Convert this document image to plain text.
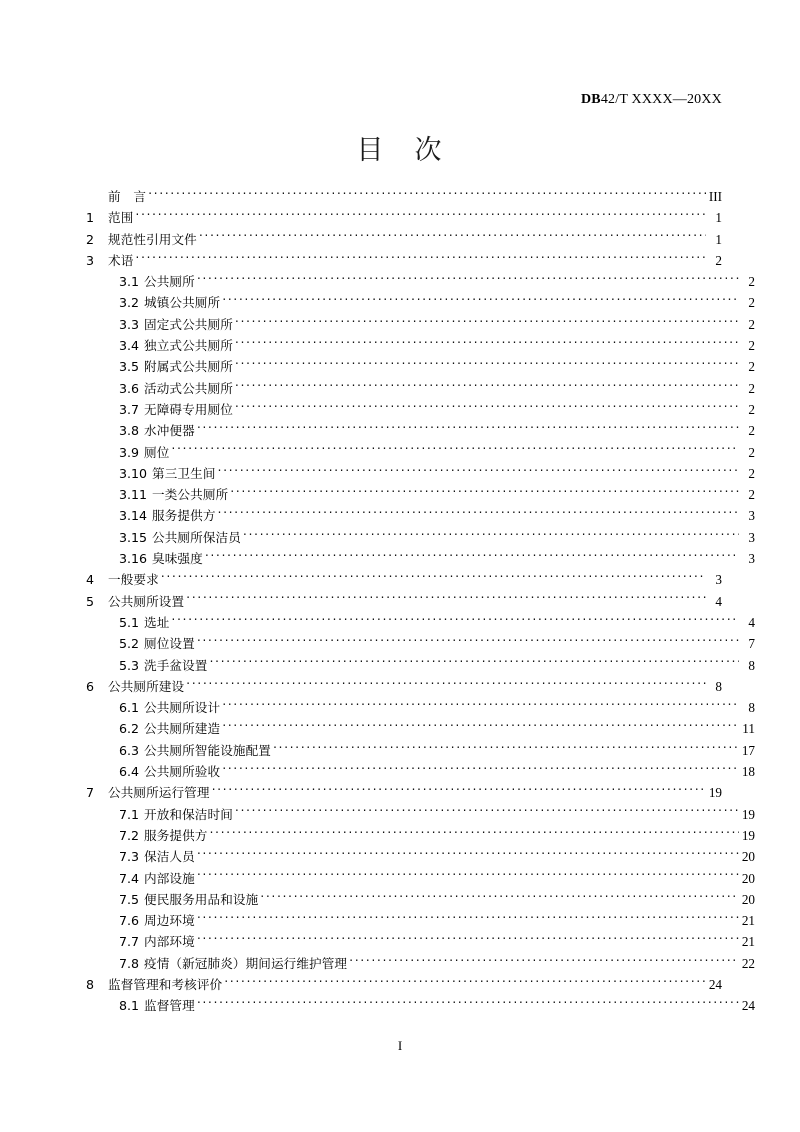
DB42/T XXXX—20XX
目　次
前　言 .....	III
1	范围 .....	1
2	规范性引用文件 .....	1
3	术语 .....	2
3.1 公共厕所 .....	2
3.2 城镇公共厕所 .....	2
3.3 固定式公共厕所 .....	2
3.4 独立式公共厕所 .....	2
3.5 附属式公共厕所 .....	2
3.6 活动式公共厕所 .....	2
3.7 无障碍专用厕位 .....	2
3.8 水冲便器 .....	2
3.9 厕位 .....	2
3.10 第三卫生间 .....	2
3.11 一类公共厕所 .....	2
3.14 服务提供方 .....	3
3.15 公共厕所保洁员 .....	3
3.16 臭味强度 .....	3
4	一般要求 .....	3
5	公共厕所设置 .....	4
5.1 选址 .....	4
5.2 厕位设置 .....	7
5.3 洗手盆设置 .....	8
6	公共厕所建设 .....	8
6.1 公共厕所设计 .....	8
6.2 公共厕所建造 .....	11
6.3 公共厕所智能设施配置 .....	17
6.4 公共厕所验收 .....	18
7	公共厕所运行管理 .....	19
7.1 开放和保洁时间 .....	19
7.2 服务提供方 .....	19
7.3 保洁人员 .....	20
7.4 内部设施 .....	20
7.5 便民服务用品和设施 .....	20
7.6 周边环境 .....	21
7.7 内部环境 .....	21
7.8 疫情（新冠肺炎）期间运行维护管理 .....	22
8	监督管理和考核评价 .....	24
8.1 监督管理 .....	24
I
